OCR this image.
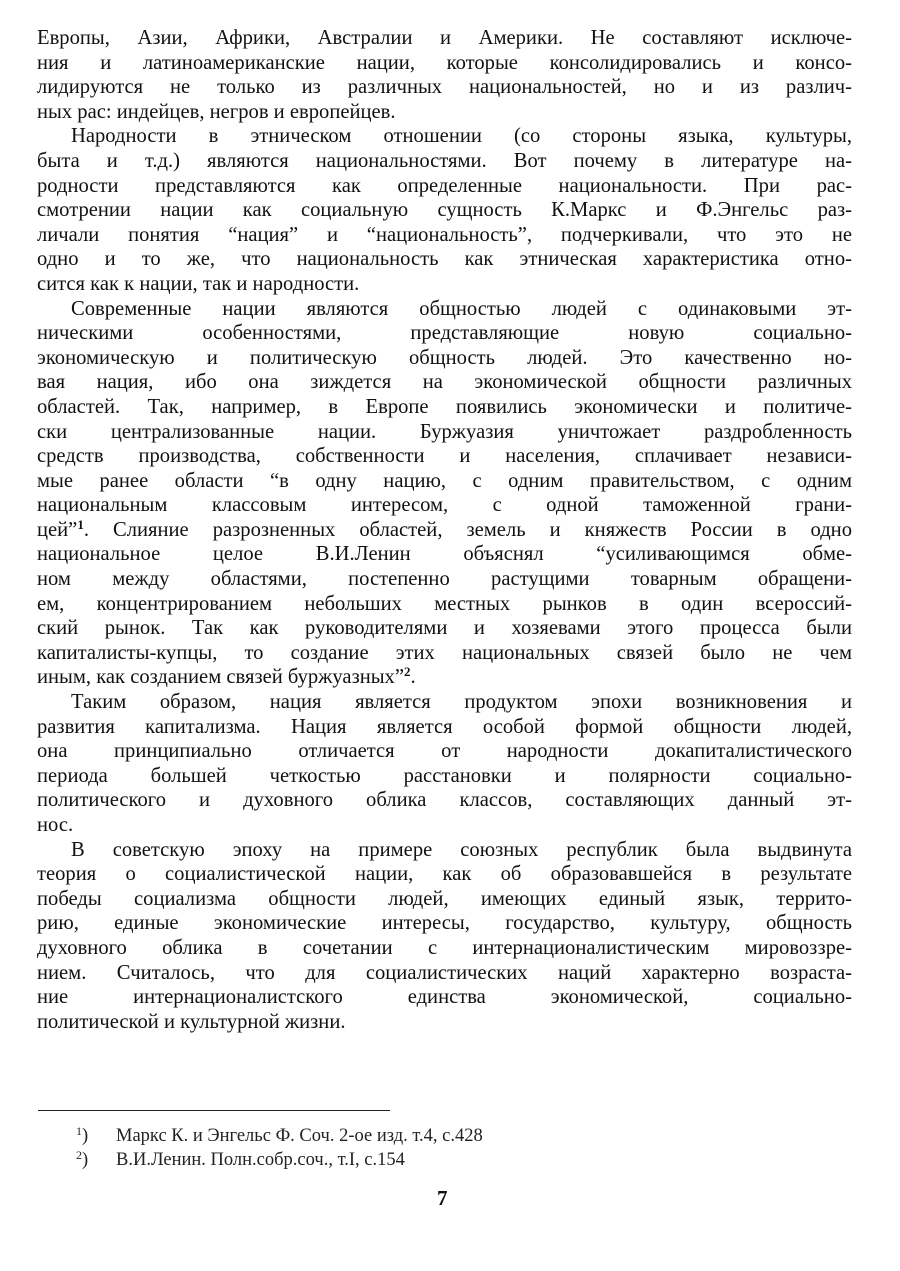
Европы, Азии, Африки, Австралии и Америки. Не составляют исключе-
ния и латиноамериканские нации, которые консолидировались и консо-
лидируются не только из различных национальностей, но и из различ-
ных рас: индейцев, негров и европейцев.
Народности в этническом отношении (со стороны языка, культуры,
быта и т.д.) являются национальностями. Вот почему в литературе на-
родности представляются как определенные национальности. При рас-
смотрении нации как социальную сущность К.Маркс и Ф.Энгельс раз-
личали понятия “нация” и “национальность”, подчеркивали, что это не
одно и то же, что национальность как этническая характеристика отно-
сится как к нации, так и народности.
Современные нации являются общностью людей с одинаковыми эт-
ническими особенностями, представляющие новую социально-
экономическую и политическую общность людей. Это качественно но-
вая нация, ибо она зиждется на экономической общности различных
областей. Так, например, в Европе появились экономически и политиче-
ски централизованные нации. Буржуазия уничтожает раздробленность
средств производства, собственности и населения, сплачивает независи-
мые ранее области “в одну нацию, с одним правительством, с одним
национальным классовым интересом, с одной таможенной грани-
цей”$^1$. Слияние разрозненных областей, земель и княжеств России в одно
национальное целое В.И.Ленин объяснял “усиливающимся обме-
ном между областями, постепенно растущими товарным обращени-
ем, концентрированием небольших местных рынков в один всероссий-
ский рынок. Так как руководителями и хозяевами этого процесса были
капиталисты-купцы, то создание этих национальных связей было не чем
иным, как созданием связей буржуазных”$^2$.
Таким образом, нация является продуктом эпохи возникновения и
развития капитализма. Нация является особой формой общности людей,
она принципиально отличается от народности докапиталистического
периода большей четкостью расстановки и полярности социально-
политического и духовного облика классов, составляющих данный эт-
нос.
В советскую эпоху на примере союзных республик была выдвинута
теория о социалистической нации, как об образовавшейся в результате
победы социализма общности людей, имеющих единый язык, террито-
рию, единые экономические интересы, государство, культуру, общность
духовного облика в сочетании с интернационалистическим мировоззре-
нием. Считалось, что для социалистических наций характерно возраста-
ние интернационалистского единства экономической, социально-
политической и культурной жизни.
$^1$)	Маркс К. и Энгельс Ф. Соч. 2-ое изд. т.4, с.428
$^2$)	В.И.Ленин. Полн.собр.соч., т.I, с.154
7
